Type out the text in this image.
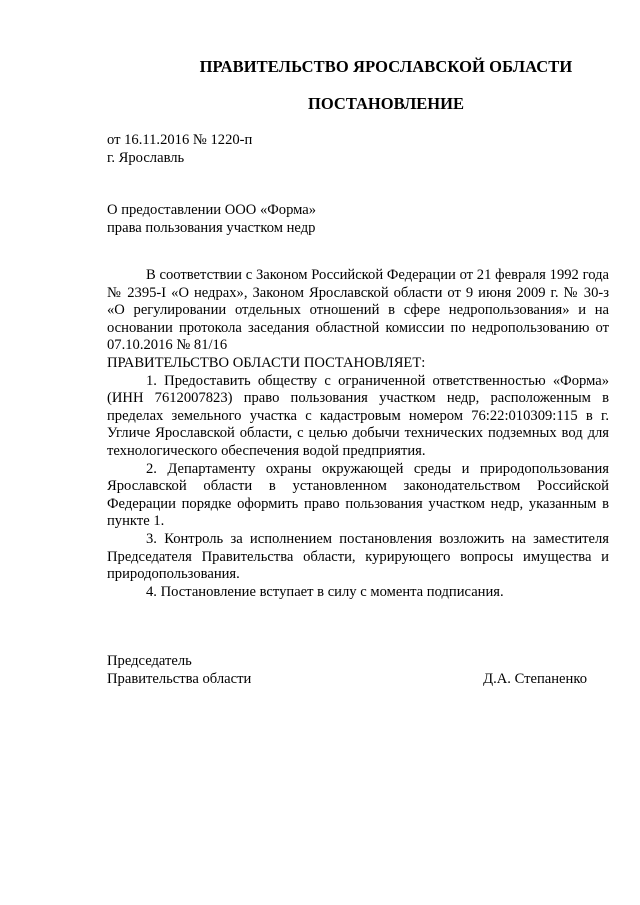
ПРАВИТЕЛЬСТВО ЯРОСЛАВСКОЙ ОБЛАСТИ
ПОСТАНОВЛЕНИЕ
от 16.11.2016 № 1220-п
г. Ярославль
О предоставлении ООО «Форма»
права пользования участком недр

В соответствии с Законом Российской Федерации от 21 февраля 1992 года № 2395-I «О недрах», Законом Ярославской области от 9 июня 2009 г. № 30-з «О регулировании отдельных отношений в сфере недропользования» и на основании протокола заседания областной комиссии по недропользованию от 07.10.2016 № 81/16

ПРАВИТЕЛЬСТВО ОБЛАСТИ ПОСТАНОВЛЯЕТ:

1. Предоставить обществу с ограниченной ответственностью «Форма» (ИНН 7612007823) право пользования участком недр, расположенным в пределах земельного участка с кадастровым номером 76:22:010309:115 в г. Угличе Ярославской области, с целью добычи технических подземных вод для технологического обеспечения водой предприятия.

2. Департаменту охраны окружающей среды и природопользования Ярославской области в установленном законодательством Российской Федерации порядке оформить право пользования участком недр, указанным в пункте 1.

3. Контроль за исполнением постановления возложить на заместителя Председателя Правительства области, курирующего вопросы имущества и природопользования.

4. Постановление вступает в силу с момента подписания.

Председатель
Правительства области	Д.А. Степаненко
